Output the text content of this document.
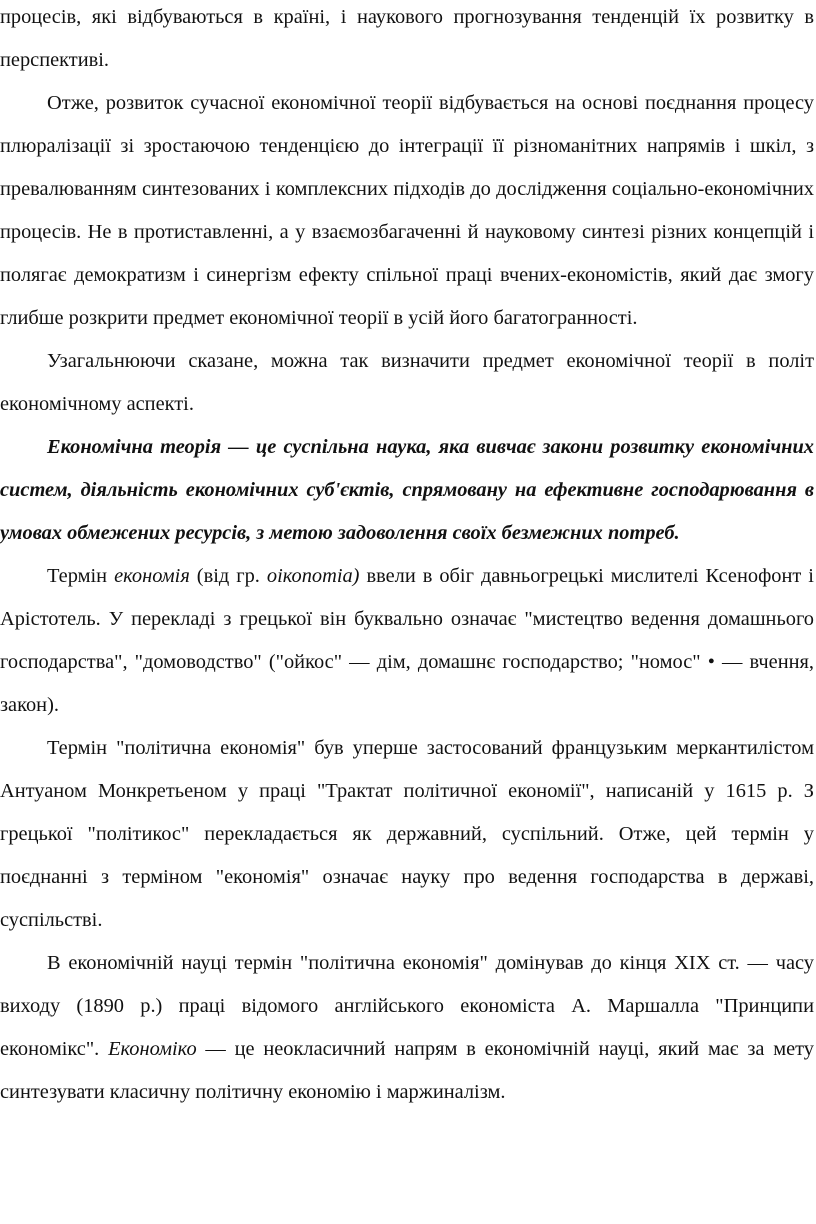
процесів, які відбуваються в країні, і наукового прогнозування тенденцій їх розвитку в перспективі.

Отже, розвиток сучасної економічної теорії відбувається на основі поєднання процесу плюралізації зі зростаючою тенденцією до інтеграції її різноманітних напрямів і шкіл, з превалюванням синтезованих і комплексних підходів до дослідження соціально-економічних процесів. Не в протиставленні, а у взаємозбагаченні й науковому синтезі різних концепцій і полягає демократизм і синергізм ефекту спільної праці вчених-економістів, який дає змогу глибше розкрити предмет економічної теорії в усій його багатогранності.

Узагальнюючи сказане, можна так визначити предмет економічної теорії в політ економічному аспекті.

Економічна теорія — це суспільна наука, яка вивчає закони розвитку економічних систем, діяльність економічних суб'єктів, спрямовану на ефективне господарювання в умовах обмежених ресурсів, з метою задоволення своїх безмежних потреб.

Термін економія (від гр. оікопотіа) ввели в обіг давньогрецькі мислителі Ксенофонт і Арістотель. У перекладі з грецької він буквально означає "мистецтво ведення домашнього господарства", "домоводство" ("ойкос" — дім, домашнє господарство; "номос" • — вчення, закон).

Термін "політична економія" був уперше застосований французьким меркантилістом Антуаном Монкретьеном у праці "Трактат політичної економії", написаній у 1615 р. З грецької "політикос" перекладається як державний, суспільний. Отже, цей термін у поєднанні з терміном "економія" означає науку про ведення господарства в державі, суспільстві.

В економічній науці термін "політична економія" домінував до кінця XIX ст. — часу виходу (1890 р.) праці відомого англійського економіста А. Маршалла "Принципи економікс". Економіко — це неокласичний напрям в економічній науці, який має за мету синтезувати класичну політичну економію і маржиналізм.
